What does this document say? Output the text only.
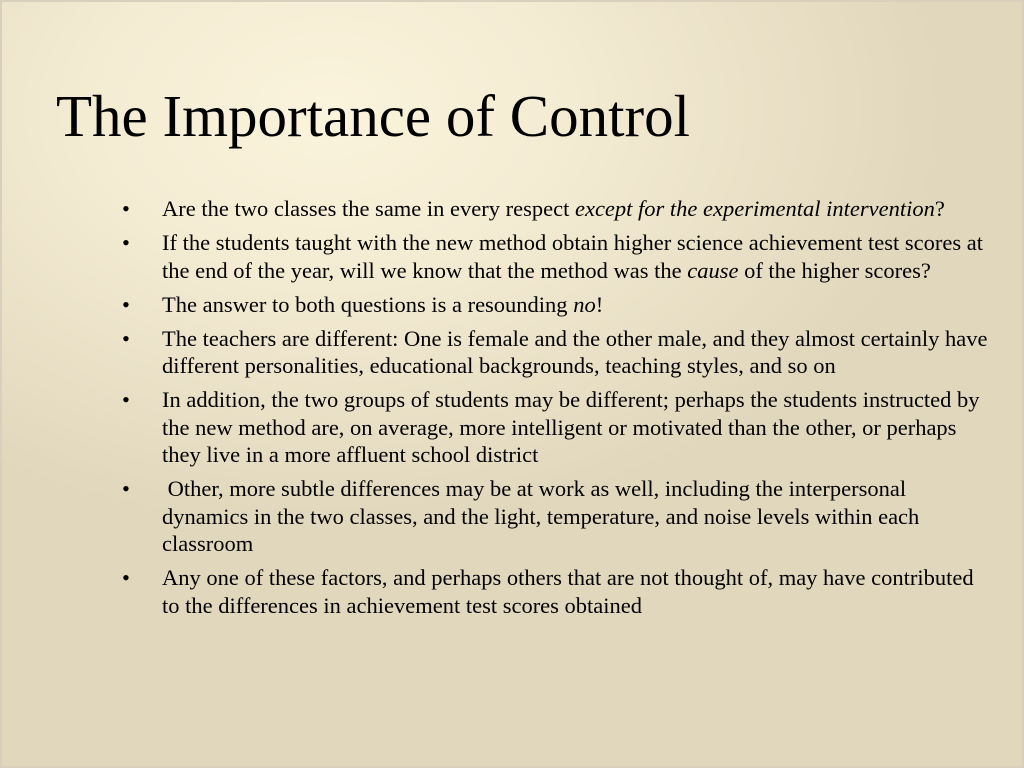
The Importance of Control
• Are the two classes the same in every respect except for the experimental intervention?
• If the students taught with the new method obtain higher science achievement test scores at the end of the year, will we know that the method was the cause of the higher scores?
• The answer to both questions is a resounding no!
• The teachers are different: One is female and the other male, and they almost certainly have different personalities, educational backgrounds, teaching styles, and so on
• In addition, the two groups of students may be different; perhaps the students instructed by the new method are, on average, more intelligent or motivated than the other, or perhaps they live in a more affluent school district
•  Other, more subtle differences may be at work as well, including the interpersonal dynamics in the two classes, and the light, temperature, and noise levels within each classroom
• Any one of these factors, and perhaps others that are not thought of, may have contributed to the differences in achievement test scores obtained
